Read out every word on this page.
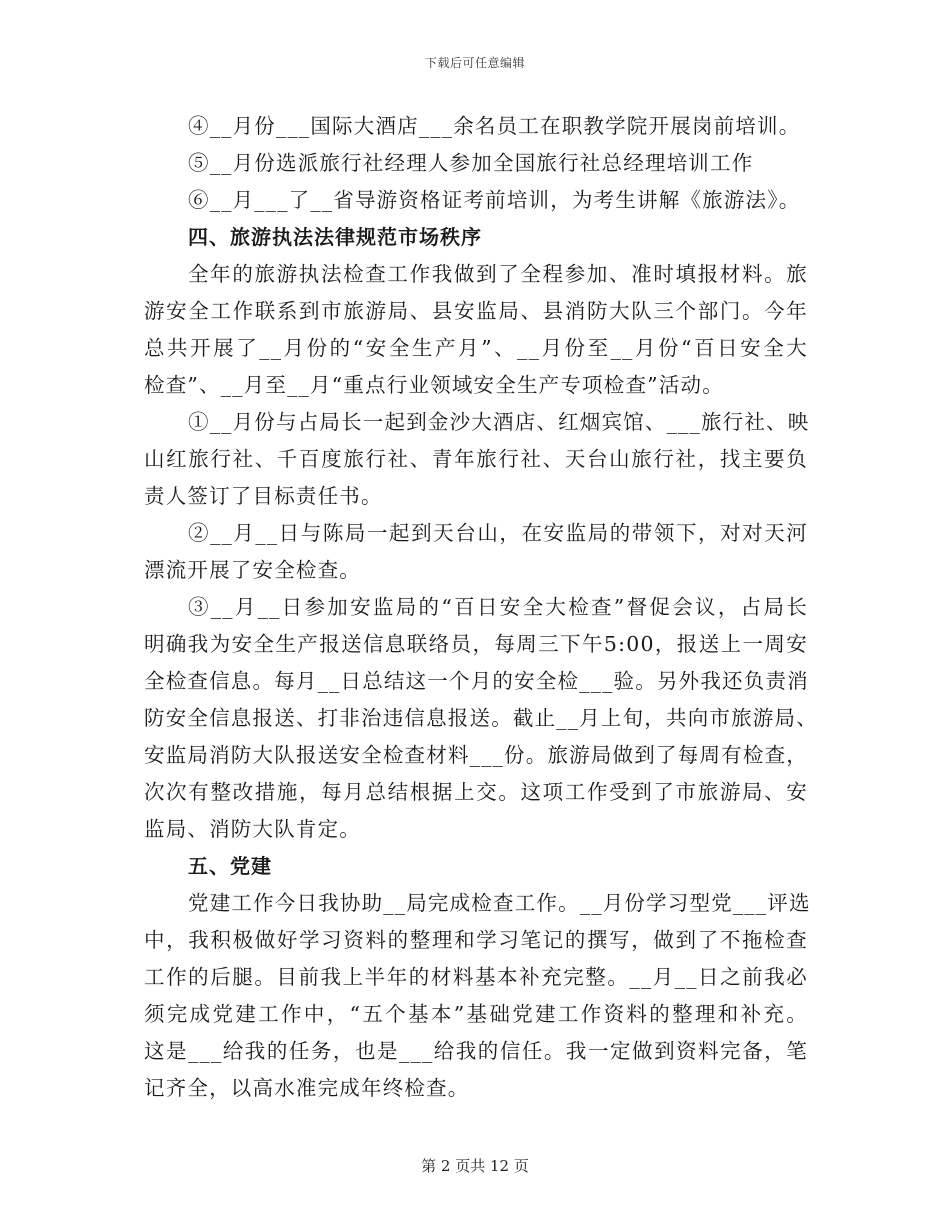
下载后可任意编辑
④__月份___国际大酒店___余名员工在职教学院开展岗前培训。
⑤__月份选派旅行社经理人参加全国旅行社总经理培训工作
⑥__月___了__省导游资格证考前培训，为考生讲解《旅游法》。
四、旅游执法法律规范市场秩序
全年的旅游执法检查工作我做到了全程参加、准时填报材料。旅
游安全工作联系到市旅游局、县安监局、县消防大队三个部门。今年
总共开展了__月份的“安全生产月”、__月份至__月份“百日安全大
检查”、__月至__月“重点行业领域安全生产专项检查”活动。
①__月份与占局长一起到金沙大酒店、红烟宾馆、___旅行社、映
山红旅行社、千百度旅行社、青年旅行社、天台山旅行社，找主要负
责人签订了目标责任书。
②__月__日与陈局一起到天台山，在安监局的带领下，对对天河
漂流开展了安全检查。
③__月__日参加安监局的“百日安全大检查”督促会议，占局长
明确我为安全生产报送信息联络员，每周三下午5:00，报送上一周安
全检查信息。每月__日总结这一个月的安全检___验。另外我还负责消
防安全信息报送、打非治违信息报送。截止__月上旬，共向市旅游局、
安监局消防大队报送安全检查材料___份。旅游局做到了每周有检查，
次次有整改措施，每月总结根据上交。这项工作受到了市旅游局、安
监局、消防大队肯定。
五、党建
党建工作今日我协助__局完成检查工作。__月份学习型党___评选
中，我积极做好学习资料的整理和学习笔记的撰写，做到了不拖检查
工作的后腿。目前我上半年的材料基本补充完整。__月__日之前我必
须完成党建工作中，“五个基本”基础党建工作资料的整理和补充。
这是___给我的任务，也是___给我的信任。我一定做到资料完备，笔
记齐全，以高水准完成年终检查。
第 2 页共 12 页
